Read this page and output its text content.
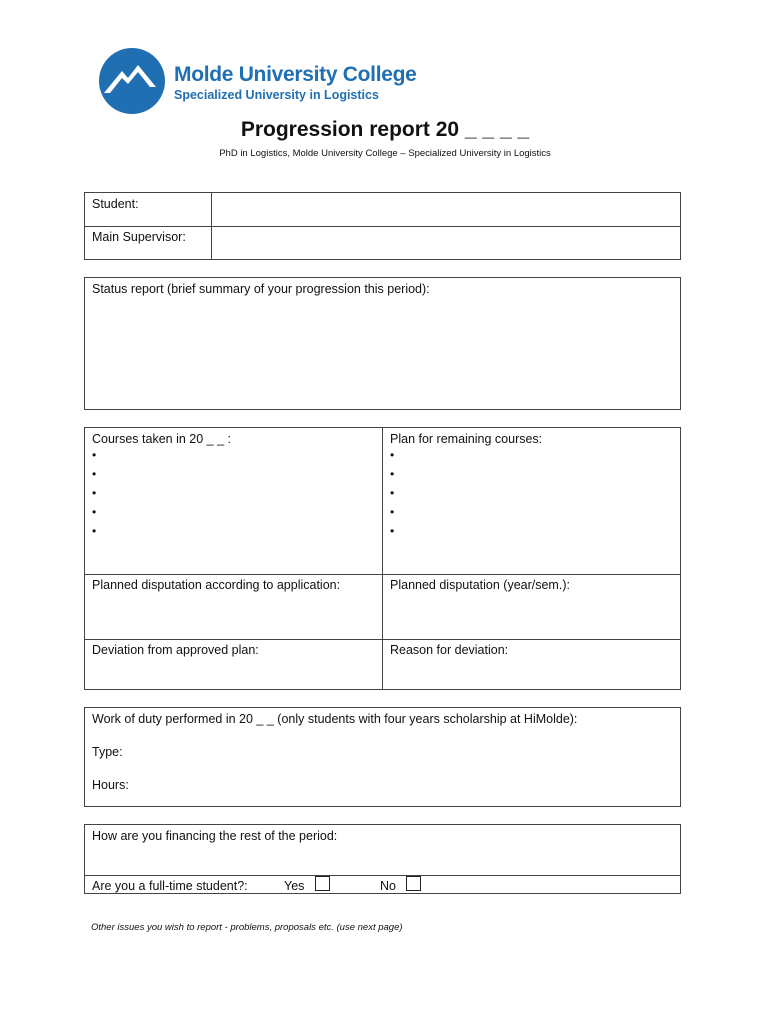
Molde University College
Specialized University in Logistics
Progression report 20 _ _ _ _
PhD in Logistics, Molde University College – Specialized University in Logistics
Student:
Main Supervisor:
Status report (brief summary of your progression this period):
Courses taken in 20 _ _ :
•
•
•
•
•
Plan for remaining courses:
•
•
•
•
•
Planned disputation according to application:	Planned disputation (year/sem.):
Deviation from approved plan:	Reason for deviation:
Work of duty performed in 20 _ _ (only students with four years scholarship at HiMolde):
Type:
Hours:
How are you financing the rest of the period:
Are you a full-time student?:	Yes	No
Other issues you wish to report - problems, proposals etc. (use next page)
